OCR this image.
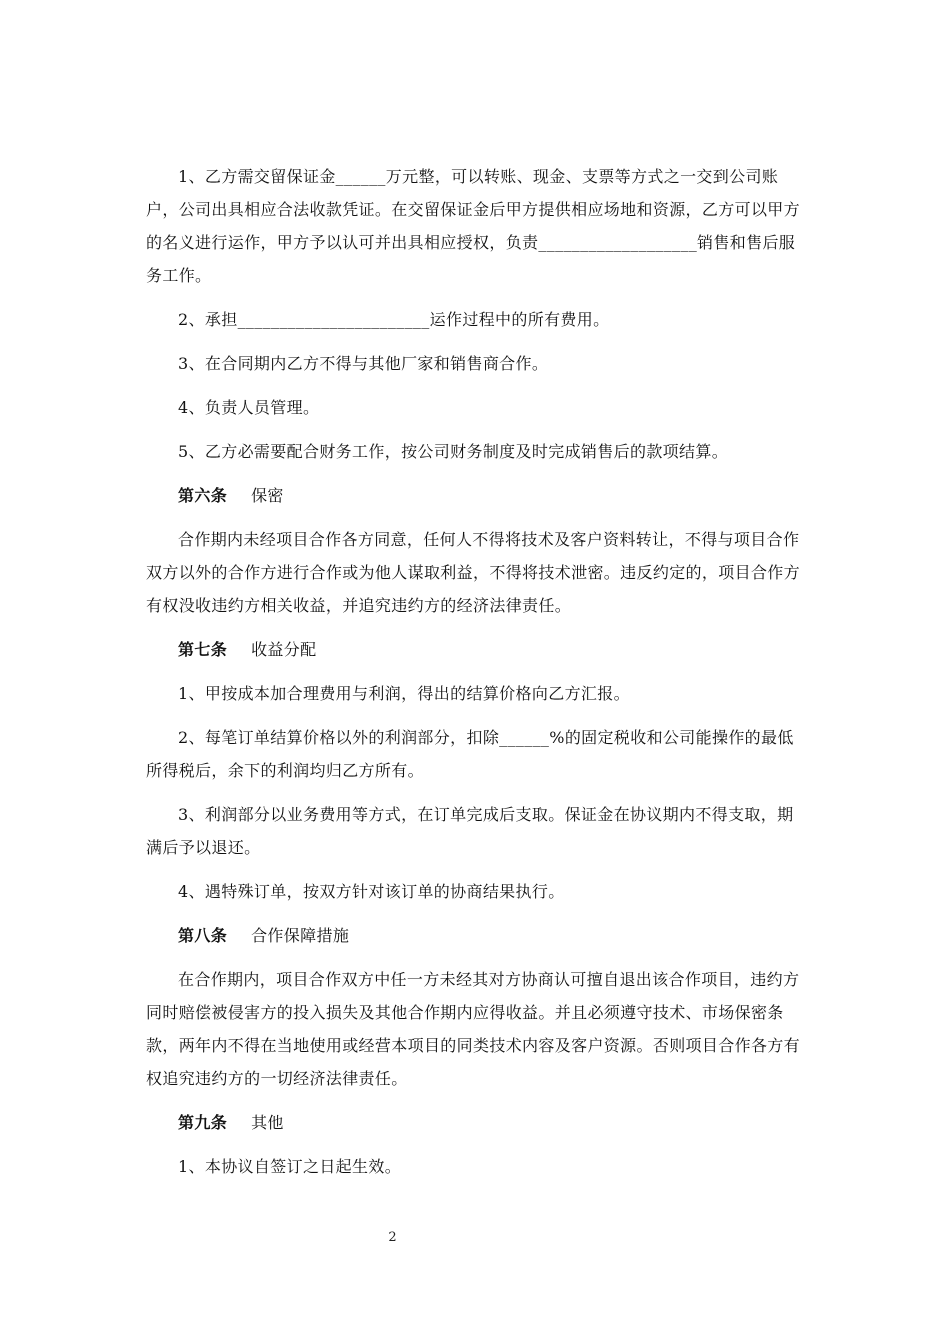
1、乙方需交留保证金______万元整，可以转账、现金、支票等方式之一交到公司账户，公司出具相应合法收款凭证。在交留保证金后甲方提供相应场地和资源，乙方可以甲方的名义进行运作，甲方予以认可并出具相应授权，负责___________________销售和售后服务工作。

2、承担_______________________运作过程中的所有费用。

3、在合同期内乙方不得与其他厂家和销售商合作。

4、负责人员管理。

5、乙方必需要配合财务工作，按公司财务制度及时完成销售后的款项结算。

第六条 保密

合作期内未经项目合作各方同意，任何人不得将技术及客户资料转让，不得与项目合作双方以外的合作方进行合作或为他人谋取利益，不得将技术泄密。违反约定的，项目合作方有权没收违约方相关收益，并追究违约方的经济法律责任。

第七条 收益分配

1、甲按成本加合理费用与利润，得出的结算价格向乙方汇报。

2、每笔订单结算价格以外的利润部分，扣除______%的固定税收和公司能操作的最低所得税后，余下的利润均归乙方所有。

3、利润部分以业务费用等方式，在订单完成后支取。保证金在协议期内不得支取，期满后予以退还。

4、遇特殊订单，按双方针对该订单的协商结果执行。

第八条 合作保障措施

在合作期内，项目合作双方中任一方未经其对方协商认可擅自退出该合作项目，违约方同时赔偿被侵害方的投入损失及其他合作期内应得收益。并且必须遵守技术、市场保密条款，两年内不得在当地使用或经营本项目的同类技术内容及客户资源。否则项目合作各方有权追究违约方的一切经济法律责任。

第九条 其他

1、本协议自签订之日起生效。

2
